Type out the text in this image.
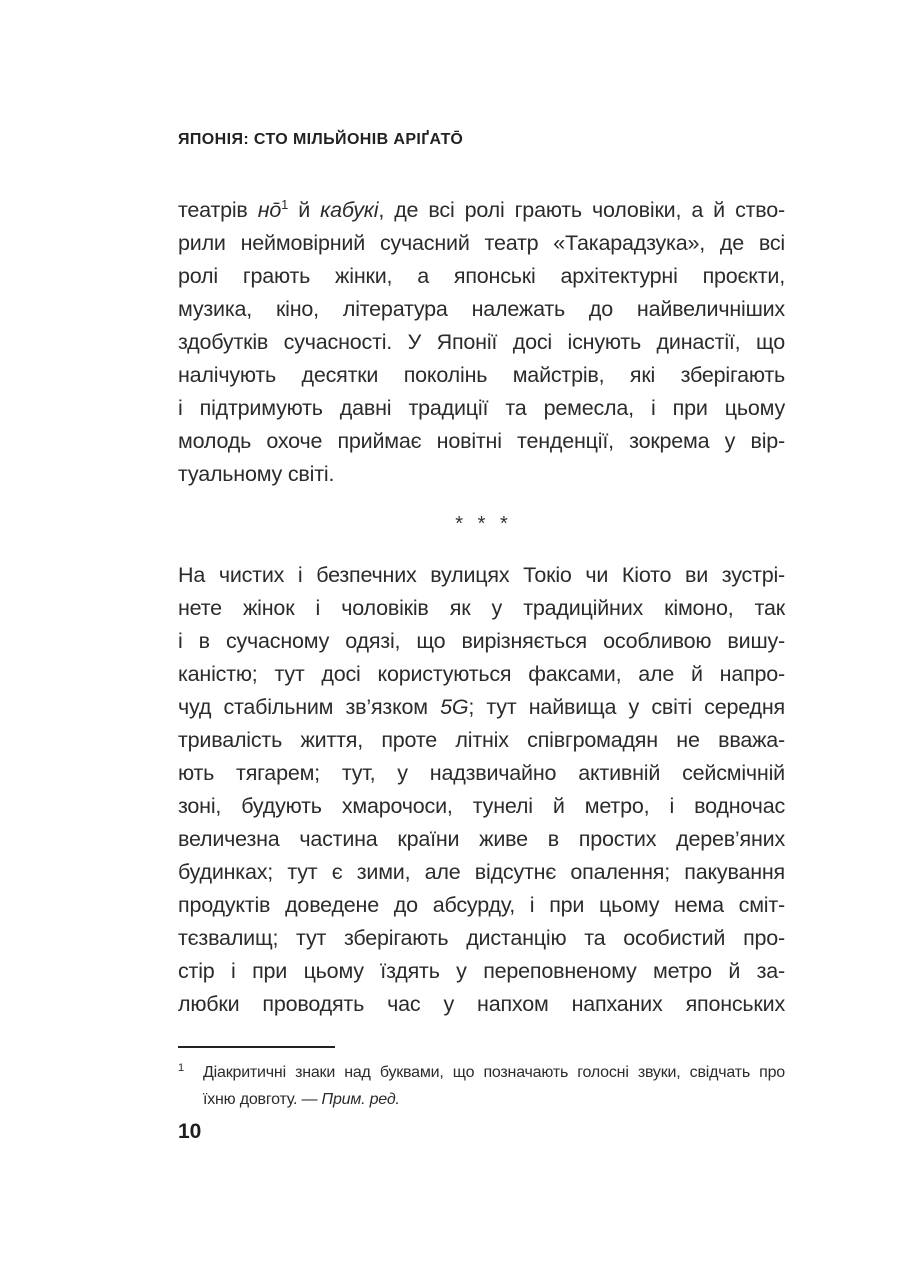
ЯПОНІЯ: СТО МІЛЬЙОНІВ АРІҐАТО̄
театрів но̄$^1$ й кабукі, де всі ролі грають чоловіки, а й ство-
рили неймовірний сучасний театр «Такарадзука», де всі
ролі грають жінки, а японські архітектурні проєкти,
музика, кіно, література належать до найвеличніших
здобутків сучасності. У Японії досі існують династії, що
налічують десятки поколінь майстрів, які зберігають
і підтримують давні традиції та ремесла, і при цьому
молодь охоче приймає новітні тенденції, зокрема у вір-
туальному світі.
* * *
На чистих і безпечних вулицях Токіо чи Кіото ви зустрі-
нете жінок і чоловіків як у традиційних кімоно, так
і в сучасному одязі, що вирізняється особливою вишу-
каністю; тут досі користуються факсами, але й напро-
чуд стабільним зв’язком 5G; тут найвища у світі середня
тривалість життя, проте літніх співгромадян не вважа-
ють тягарем; тут, у надзвичайно активній сейсмічній
зоні, будують хмарочоси, тунелі й метро, і водночас
величезна частина країни живе в простих дерев’яних
будинках; тут є зими, але відсутнє опалення; пакування
продуктів доведене до абсурду, і при цьому нема сміт-
тєзвалищ; тут зберігають дистанцію та особистий про-
стір і при цьому їздять у переповненому метро й за-
любки проводять час у напхом напханих японських
1	Діакритичні знаки над буквами, що позначають голосні звуки, свідчать про
їхню довготу. — Прим. ред.
10
